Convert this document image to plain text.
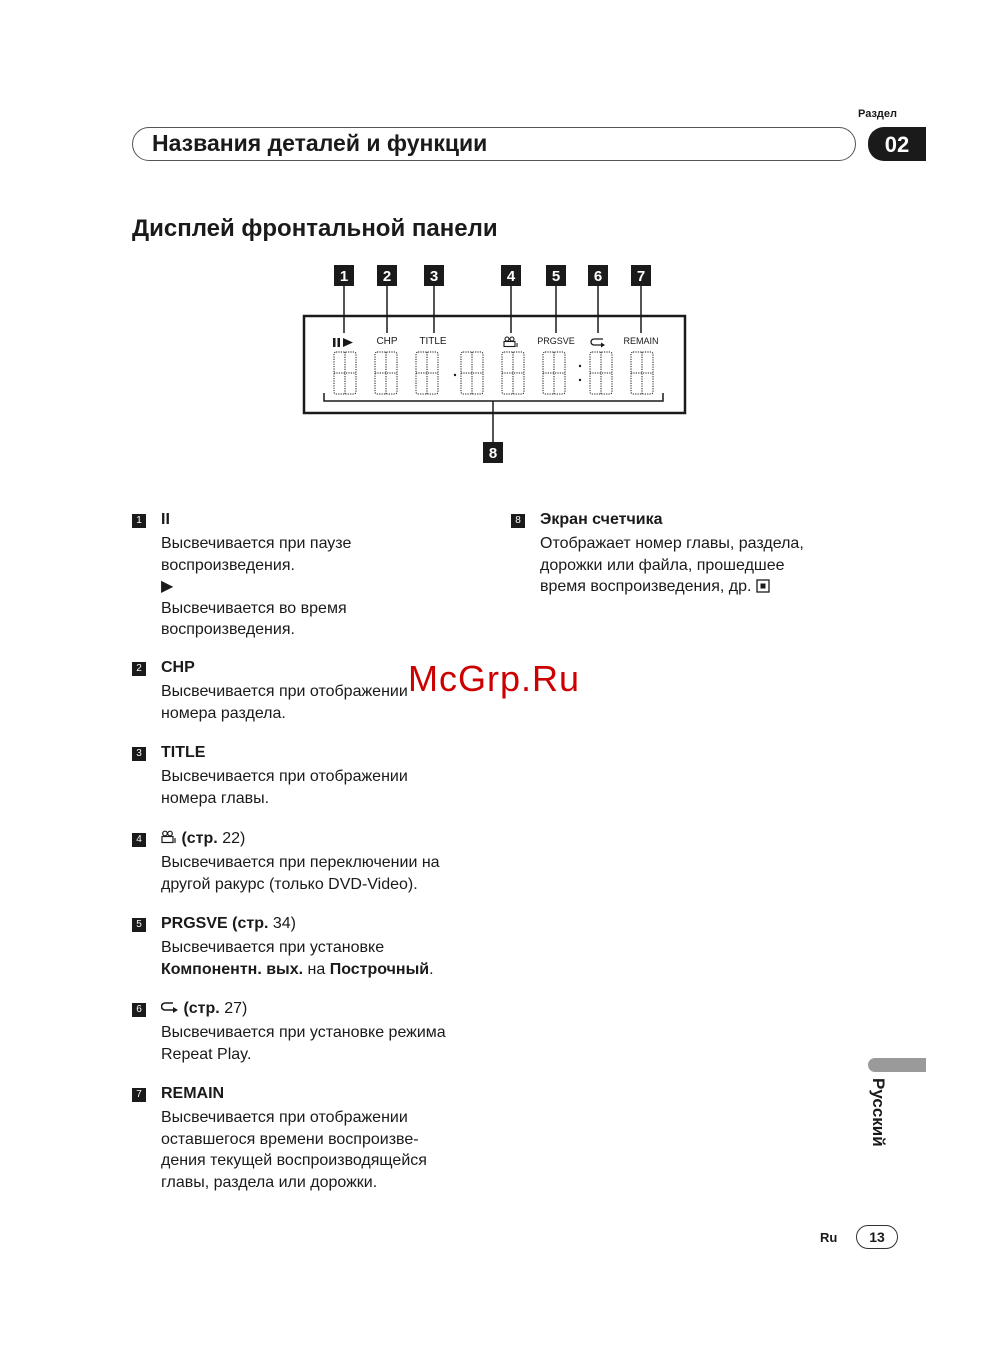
Раздел
Названия деталей и функции	02
Дисплей фронтальной панели
1 2	3	4 5 6 7
8
CHP TITLE	PRGSVE	REMAIN
1 II
Высвечивается при паузе
воспроизведения.
▶
Высвечивается во время
воспроизведения.
2 CHP
Высвечивается при отображении
номера раздела.
3 TITLE
Высвечивается при отображении
номера главы.
4	(стр. 22)
Высвечивается при переключении на
другой ракурс (только DVD-Video).
5 PRGSVE (стр. 34)
Высвечивается при установке
Компонентн. вых. на Построчный.
6	(стр. 27)
Высвечивается при установке режима
Repeat Play.
7 REMAIN
Высвечивается при отображении
оставшегося времени воспроизве-
дения текущей воспроизводящейся
главы, раздела или дорожки.
8 Экран счетчика
Отображает номер главы, раздела,
дорожки или файла, прошедшее
время воспроизведения, др.
McGrp.Ru
Русский
Ru	13
